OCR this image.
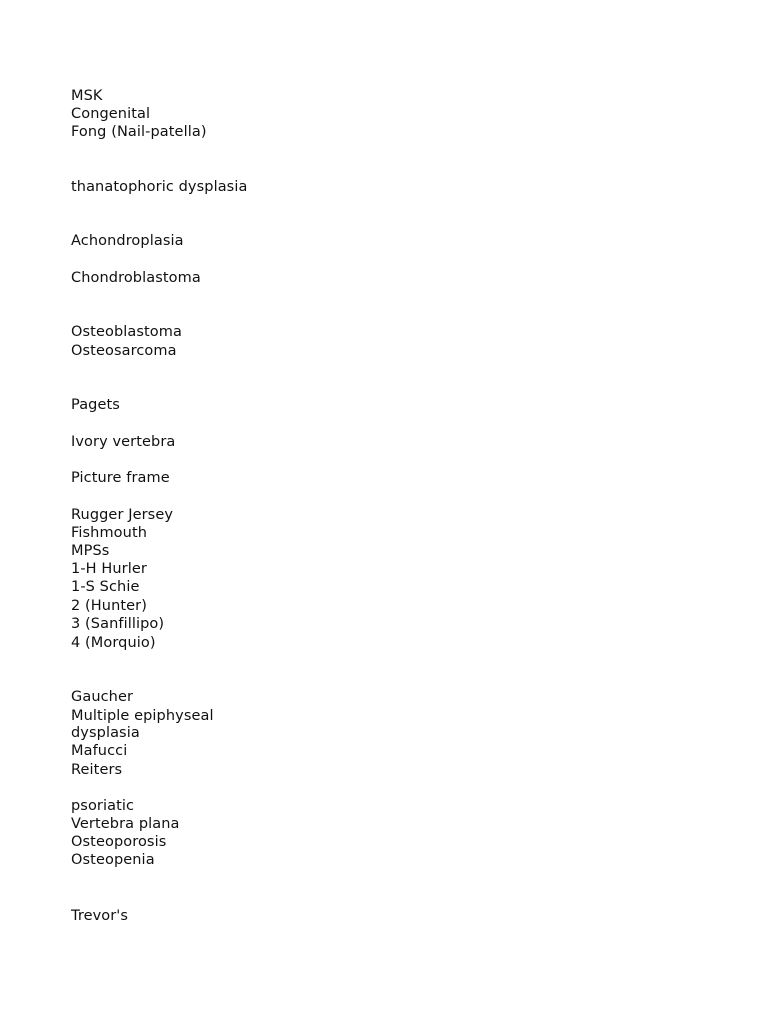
MSK
Congenital
Fong (Nail-patella)
thanatophoric dysplasia
Achondroplasia
Chondroblastoma
Osteoblastoma
Osteosarcoma
Pagets
Ivory vertebra
Picture frame
Rugger Jersey
Fishmouth
MPSs
1-H Hurler
1-S Schie
2 (Hunter)
3 (Sanfillipo)
4 (Morquio)
Gaucher
Multiple epiphyseal
dysplasia
Mafucci
Reiters
psoriatic
Vertebra plana
Osteoporosis
Osteopenia
Trevor's
